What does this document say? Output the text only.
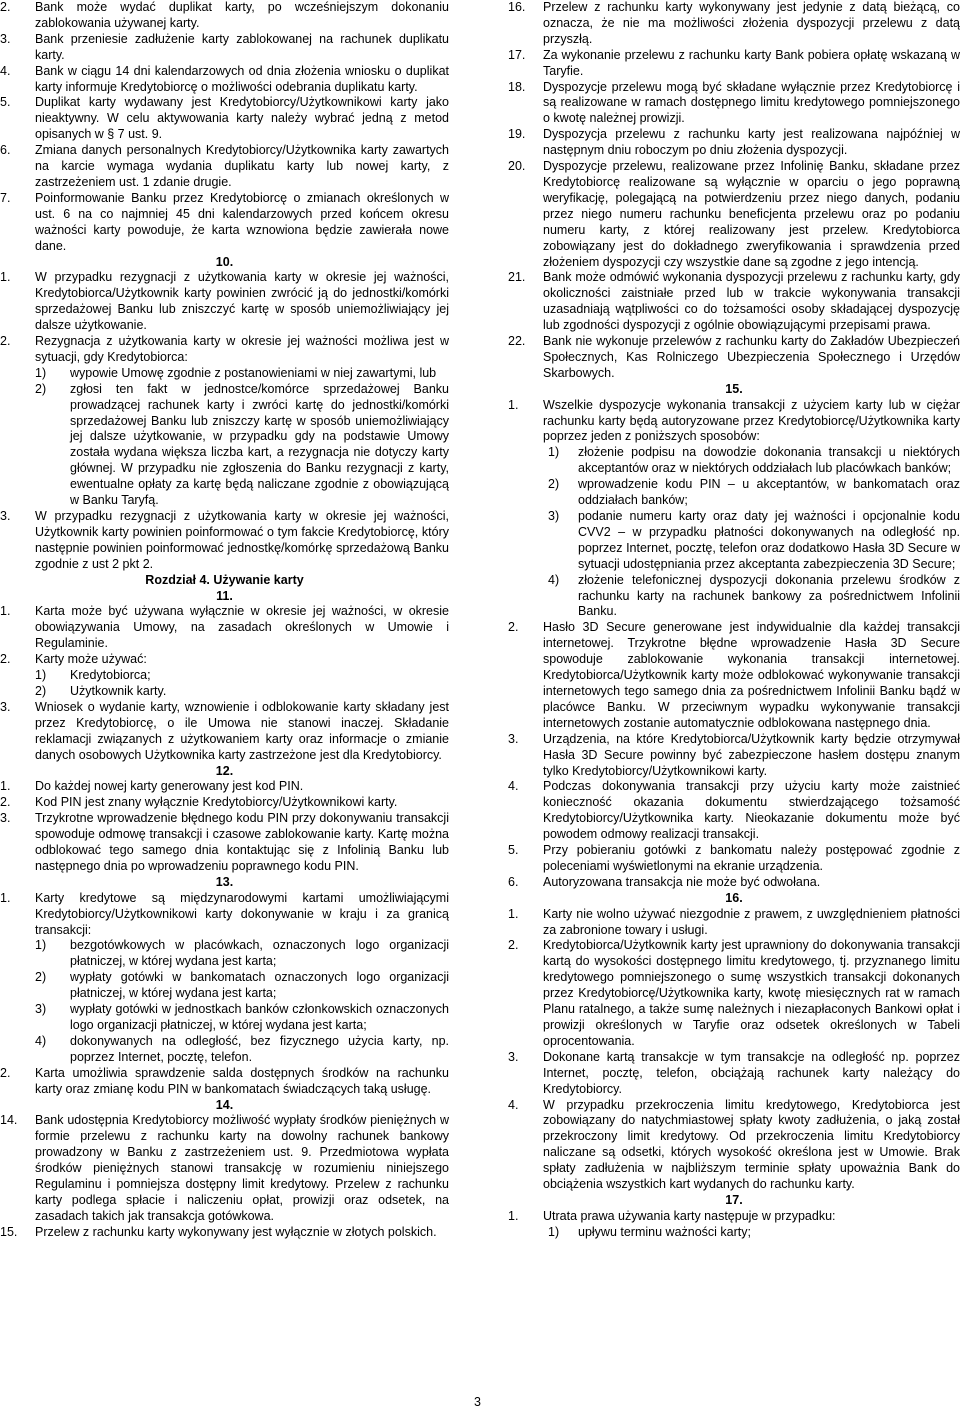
2. Bank może wydać duplikat karty, po wcześniejszym dokonaniu zablokowania używanej karty.

3. Bank przeniesie zadłużenie karty zablokowanej na rachunek duplikatu karty.

4. Bank w ciągu 14 dni kalendarzowych od dnia złożenia wniosku o duplikat karty informuje Kredytobiorcę o możliwości odebrania duplikatu karty.

5. Duplikat karty wydawany jest Kredytobiorcy/Użytkownikowi karty jako nieaktywny. W celu aktywowania karty należy wybrać jedną z metod opisanych w § 7 ust. 9.

6. Zmiana danych personalnych Kredytobiorcy/Użytkownika karty zawartych na karcie wymaga wydania duplikatu karty lub nowej karty, z zastrzeżeniem ust. 1 zdanie drugie.

7. Poinformowanie Banku przez Kredytobiorcę o zmianach określonych w ust. 6 na co najmniej 45 dni kalendarzowych przed końcem okresu ważności karty powoduje, że karta wznowiona będzie zawierała nowe dane.

10.

1. W przypadku rezygnacji z użytkowania karty w okresie jej ważności, Kredytobiorca/Użytkownik karty powinien zwrócić ją do jednostki/komórki sprzedażowej Banku lub zniszczyć kartę w sposób uniemożliwiający jej dalsze użytkowanie.

2. Rezygnacja z użytkowania karty w okresie jej ważności możliwa jest w sytuacji, gdy Kredytobiorca:

1) wypowie Umowę zgodnie z postanowieniami w niej zawartymi, lub

2) zgłosi ten fakt w jednostce/komórce sprzedażowej Banku prowadzącej rachunek karty i zwróci kartę do jednostki/komórki sprzedażowej Banku lub zniszczy kartę w sposób uniemożliwiający jej dalsze użytkowanie, w przypadku gdy na podstawie Umowy została wydana większa liczba kart, a rezygnacja nie dotyczy karty głównej. W przypadku nie zgłoszenia do Banku rezygnacji z karty, ewentualne opłaty za kartę będą naliczane zgodnie z obowiązującą w Banku Taryfą.

3. W przypadku rezygnacji z użytkowania karty w okresie jej ważności, Użytkownik karty powinien poinformować o tym fakcie Kredytobiorcę, który następnie powinien poinformować jednostkę/komórkę sprzedażową Banku zgodnie z ust 2 pkt 2.

Rozdział 4. Używanie karty

11.

1. Karta może być używana wyłącznie w okresie jej ważności, w okresie obowiązywania Umowy, na zasadach określonych w Umowie i Regulaminie.

2. Karty może używać:

1) Kredytobiorca;

2) Użytkownik karty.

3. Wniosek o wydanie karty, wznowienie i odblokowanie karty składany jest przez Kredytobiorcę, o ile Umowa nie stanowi inaczej. Składanie reklamacji związanych z użytkowaniem karty oraz informacje o zmianie danych osobowych Użytkownika karty zastrzeżone jest dla Kredytobiorcy.

12.

1. Do każdej nowej karty generowany jest kod PIN.

2. Kod PIN jest znany wyłącznie Kredytobiorcy/Użytkownikowi karty.

3. Trzykrotne wprowadzenie błędnego kodu PIN przy dokonywaniu transakcji spowoduje odmowę transakcji i czasowe zablokowanie karty. Kartę można odblokować tego samego dnia kontaktując się z Infolinią Banku lub następnego dnia po wprowadzeniu poprawnego kodu PIN.

13.

1. Karty kredytowe są międzynarodowymi kartami umożliwiającymi Kredytobiorcy/Użytkownikowi karty dokonywanie w kraju i za granicą transakcji:

1) bezgotówkowych w placówkach, oznaczonych logo organizacji płatniczej, w której wydana jest karta;

2) wypłaty gotówki w bankomatach oznaczonych logo organizacji płatniczej, w której wydana jest karta;

3) wypłaty gotówki w jednostkach banków członkowskich oznaczonych logo organizacji płatniczej, w której wydana jest karta;

4) dokonywanych na odległość, bez fizycznego użycia karty, np. poprzez Internet, pocztę, telefon.

2. Karta umożliwia sprawdzenie salda dostępnych środków na rachunku karty oraz zmianę kodu PIN w bankomatach świadczących taką usługę.

14.

14. Bank udostępnia Kredytobiorcy możliwość wypłaty środków pieniężnych w formie przelewu z rachunku karty na dowolny rachunek bankowy prowadzony w Banku z zastrzeżeniem ust. 9. Przedmiotowa wypłata środków pieniężnych stanowi transakcję w rozumieniu niniejszego Regulaminu i pomniejsza dostępny limit kredytowy. Przelew z rachunku karty podlega spłacie i naliczeniu opłat, prowizji oraz odsetek, na zasadach takich jak transakcja gotówkowa.

15. Przelew z rachunku karty wykonywany jest wyłącznie w złotych polskich.

16. Przelew z rachunku karty wykonywany jest jedynie z datą bieżącą, co oznacza, że nie ma możliwości złożenia dyspozycji przelewu z datą przyszłą.

17. Za wykonanie przelewu z rachunku karty Bank pobiera opłatę wskazaną w Taryfie.

18. Dyspozycje przelewu mogą być składane wyłącznie przez Kredytobiorcę i są realizowane w ramach dostępnego limitu kredytowego pomniejszonego o kwotę należnej prowizji.

19. Dyspozycja przelewu z rachunku karty jest realizowana najpóźniej w następnym dniu roboczym po dniu złożenia dyspozycji.

20. Dyspozycje przelewu, realizowane przez Infolinię Banku, składane przez Kredytobiorcę realizowane są wyłącznie w oparciu o jego poprawną weryfikację, polegającą na potwierdzeniu przez niego danych, podaniu przez niego numeru rachunku beneficjenta przelewu oraz po podaniu numeru karty, z której realizowany jest przelew. Kredytobiorca zobowiązany jest do dokładnego zweryfikowania i sprawdzenia przed złożeniem dyspozycji czy wszystkie dane są zgodne z jego intencją.

21. Bank może odmówić wykonania dyspozycji przelewu z rachunku karty, gdy okoliczności zaistniałe przed lub w trakcie wykonywania transakcji uzasadniają wątpliwości co do tożsamości osoby składającej dyspozycję lub zgodności dyspozycji z ogólnie obowiązującymi przepisami prawa.

22. Bank nie wykonuje przelewów z rachunku karty do Zakładów Ubezpieczeń Społecznych, Kas Rolniczego Ubezpieczenia Społecznego i Urzędów Skarbowych.

15.

1. Wszelkie dyspozycje wykonania transakcji z użyciem karty lub w ciężar rachunku karty będą autoryzowane przez Kredytobiorcę/Użytkownika karty poprzez jeden z poniższych sposobów:

1) złożenie podpisu na dowodzie dokonania transakcji u niektórych akceptantów oraz w niektórych oddziałach lub placówkach banków;

2) wprowadzenie kodu PIN – u akceptantów, w bankomatach oraz oddziałach banków;

3) podanie numeru karty oraz daty jej ważności i opcjonalnie kodu CVV2 – w przypadku płatności dokonywanych na odległość np. poprzez Internet, pocztę, telefon oraz dodatkowo Hasła 3D Secure w sytuacji udostępniania przez akceptanta zabezpieczenia 3D Secure;

4) złożenie telefonicznej dyspozycji dokonania przelewu środków z rachunku karty na rachunek bankowy za pośrednictwem Infolinii Banku.

2. Hasło 3D Secure generowane jest indywidualnie dla każdej transakcji internetowej. Trzykrotne błędne wprowadzenie Hasła 3D Secure spowoduje zablokowanie wykonania transakcji internetowej. Kredytobiorca/Użytkownik karty może odblokować wykonywanie transakcji internetowych tego samego dnia za pośrednictwem Infolinii Banku bądź w placówce Banku. W przeciwnym wypadku wykonywanie transakcji internetowych zostanie automatycznie odblokowana następnego dnia.

3. Urządzenia, na które Kredytobiorca/Użytkownik karty będzie otrzymywał Hasła 3D Secure powinny być zabezpieczone hasłem dostępu znanym tylko Kredytobiorcy/Użytkownikowi karty.

4. Podczas dokonywania transakcji przy użyciu karty może zaistnieć konieczność okazania dokumentu stwierdzającego tożsamość Kredytobiorcy/Użytkownika karty. Nieokazanie dokumentu może być powodem odmowy realizacji transakcji.

5. Przy pobieraniu gotówki z bankomatu należy postępować zgodnie z poleceniami wyświetlonymi na ekranie urządzenia.

6. Autoryzowana transakcja nie może być odwołana.

16.

1. Karty nie wolno używać niezgodnie z prawem, z uwzględnieniem płatności za zabronione towary i usługi.

2. Kredytobiorca/Użytkownik karty jest uprawniony do dokonywania transakcji kartą do wysokości dostępnego limitu kredytowego, tj. przyznanego limitu kredytowego pomniejszonego o sumę wszystkich transakcji dokonanych przez Kredytobiorcę/Użytkownika karty, kwotę miesięcznych rat w ramach Planu ratalnego, a także sumę należnych i niezapłaconych Bankowi opłat i prowizji określonych w Taryfie oraz odsetek określonych w Tabeli oprocentowania.

3. Dokonane kartą transakcje w tym transakcje na odległość np. poprzez Internet, pocztę, telefon, obciążają rachunek karty należący do Kredytobiorcy.

4. W przypadku przekroczenia limitu kredytowego, Kredytobiorca jest zobowiązany do natychmiastowej spłaty kwoty zadłużenia, o jaką został przekroczony limit kredytowy. Od przekroczenia limitu Kredytobiorcy naliczane są odsetki, których wysokość określona jest w Umowie. Brak spłaty zadłużenia w najbliższym terminie spłaty upoważnia Bank do obciążenia wszystkich kart wydanych do rachunku karty.

17.

1. Utrata prawa używania karty następuje w przypadku:

1) upływu terminu ważności karty;

3
